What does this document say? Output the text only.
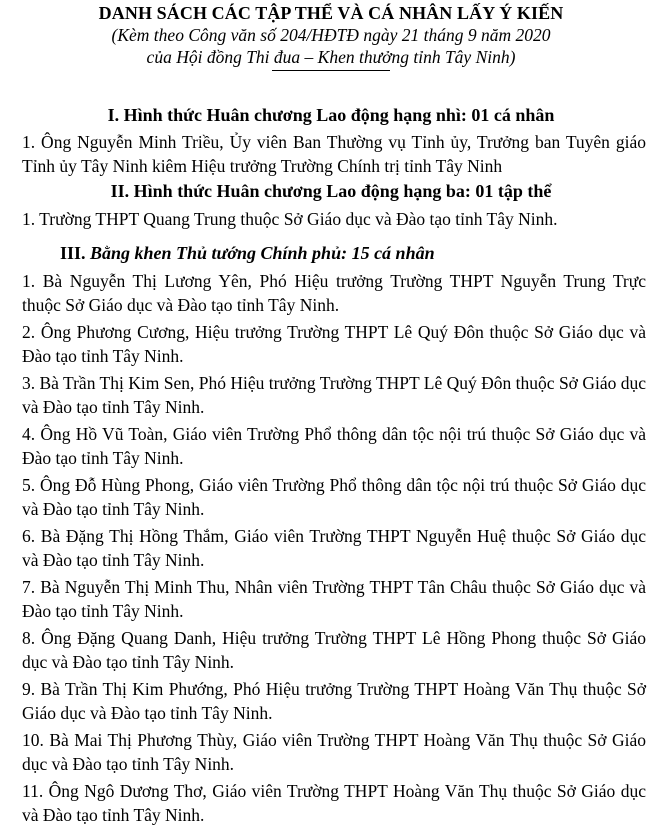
DANH SÁCH CÁC TẬP THỂ VÀ CÁ NHÂN LẤY Ý KIẾN
(Kèm theo Công văn số 204/HĐTĐ ngày 21 tháng 9 năm 2020
của Hội đồng Thi đua – Khen thưởng tỉnh Tây Ninh)
I. Hình thức Huân chương Lao động hạng nhì: 01 cá nhân
1. Ông Nguyễn Minh Triều, Ủy viên Ban Thường vụ Tỉnh ủy, Trưởng ban Tuyên giáo Tỉnh ủy Tây Ninh kiêm Hiệu trưởng Trường Chính trị tỉnh Tây Ninh
II. Hình thức Huân chương Lao động hạng ba: 01 tập thể
1. Trường THPT Quang Trung thuộc Sở Giáo dục và Đào tạo tỉnh Tây Ninh.
III. Bằng khen Thủ tướng Chính phủ: 15 cá nhân
1. Bà Nguyễn Thị Lương Yên, Phó Hiệu trưởng Trường THPT Nguyễn Trung Trực thuộc Sở Giáo dục và Đào tạo tỉnh Tây Ninh.
2. Ông Phương Cương, Hiệu trưởng Trường THPT Lê Quý Đôn thuộc Sở Giáo dục và Đào tạo tỉnh Tây Ninh.
3. Bà Trần Thị Kim Sen, Phó Hiệu trưởng Trường THPT Lê Quý Đôn thuộc Sở Giáo dục và Đào tạo tỉnh Tây Ninh.
4. Ông Hồ Vũ Toàn, Giáo viên Trường Phổ thông dân tộc nội trú thuộc Sở Giáo dục và Đào tạo tỉnh Tây Ninh.
5. Ông Đỗ Hùng Phong, Giáo viên Trường Phổ thông dân tộc nội trú thuộc Sở Giáo dục và Đào tạo tỉnh Tây Ninh.
6. Bà Đặng Thị Hồng Thắm, Giáo viên Trường THPT Nguyễn Huệ thuộc Sở Giáo dục và Đào tạo tỉnh Tây Ninh.
7. Bà Nguyễn Thị Minh Thu, Nhân viên Trường THPT Tân Châu thuộc Sở Giáo dục và Đào tạo tỉnh Tây Ninh.
8. Ông Đặng Quang Danh, Hiệu trưởng Trường THPT Lê Hồng Phong thuộc Sở Giáo dục và Đào tạo tỉnh Tây Ninh.
9. Bà Trần Thị Kim Phướng, Phó Hiệu trưởng Trường THPT Hoàng Văn Thụ thuộc Sở Giáo dục và Đào tạo tỉnh Tây Ninh.
10. Bà Mai Thị Phương Thùy, Giáo viên Trường THPT Hoàng Văn Thụ thuộc Sở Giáo dục và Đào tạo tỉnh Tây Ninh.
11. Ông Ngô Dương Thơ, Giáo viên Trường THPT Hoàng Văn Thụ thuộc Sở Giáo dục và Đào tạo tỉnh Tây Ninh.
